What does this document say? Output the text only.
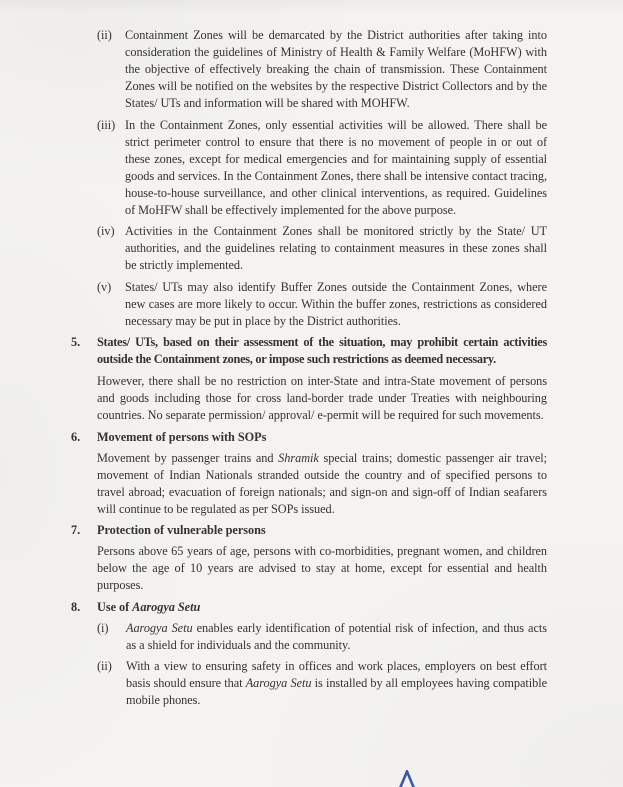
(ii)	Containment Zones will be demarcated by the District authorities after taking into consideration the guidelines of Ministry of Health & Family Welfare (MoHFW) with the objective of effectively breaking the chain of transmission. These Containment Zones will be notified on the websites by the respective District Collectors and by the States/ UTs and information will be shared with MOHFW.

(iii) In the Containment Zones, only essential activities will be allowed. There shall be strict perimeter control to ensure that there is no movement of people in or out of these zones, except for medical emergencies and for maintaining supply of essential goods and services. In the Containment Zones, there shall be intensive contact tracing, house-to-house surveillance, and other clinical interventions, as required. Guidelines of MoHFW shall be effectively implemented for the above purpose.

(iv) Activities in the Containment Zones shall be monitored strictly by the State/ UT authorities, and the guidelines relating to containment measures in these zones shall be strictly implemented.

(v)	States/ UTs may also identify Buffer Zones outside the Containment Zones, where new cases are more likely to occur. Within the buffer zones, restrictions as considered necessary may be put in place by the District authorities.

5.	States/ UTs, based on their assessment of the situation, may prohibit certain activities outside the Containment zones, or impose such restrictions as deemed necessary.

However, there shall be no restriction on inter-State and intra-State movement of persons and goods including those for cross land-border trade under Treaties with neighbouring countries. No separate permission/ approval/ e-permit will be required for such movements.

6.	Movement of persons with SOPs

Movement by passenger trains and Shramik special trains; domestic passenger air travel; movement of Indian Nationals stranded outside the country and of specified persons to travel abroad; evacuation of foreign nationals; and sign-on and sign-off of Indian seafarers will continue to be regulated as per SOPs issued.

7.	Protection of vulnerable persons

Persons above 65 years of age, persons with co-morbidities, pregnant women, and children below the age of 10 years are advised to stay at home, except for essential and health purposes.

8.	Use of Aarogya Setu

(i)	Aarogya Setu enables early identification of potential risk of infection, and thus acts as a shield for individuals and the community.

(ii)	With a view to ensuring safety in offices and work places, employers on best effort basis should ensure that Aarogya Setu is installed by all employees having compatible mobile phones.
